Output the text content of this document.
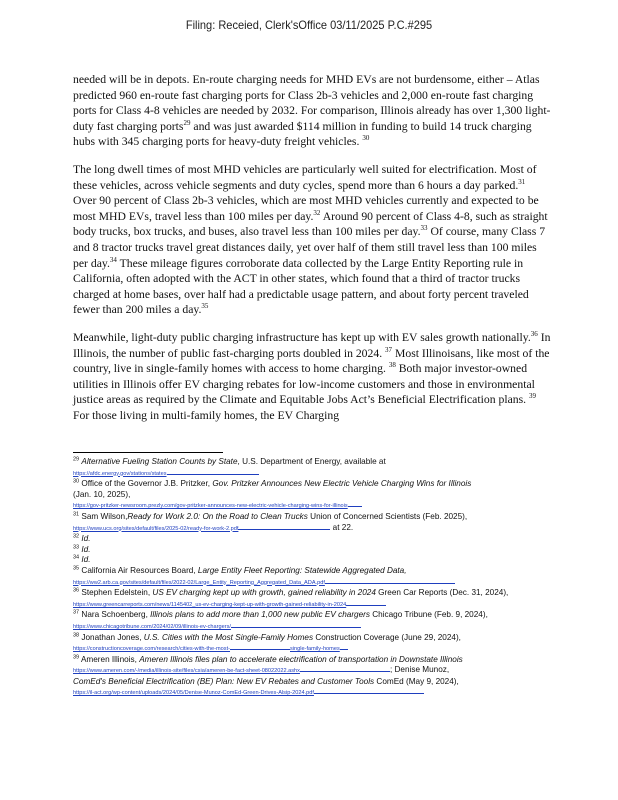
Filing: Receied, Clerk'sOffice 03/11/2025 P.C.#295

needed will be in depots. En-route charging needs for MHD EVs are not burdensome, either – Atlas predicted 960 en-route fast charging ports for Class 2b-3 vehicles and 2,000 en-route fast charging ports for Class 4-8 vehicles are needed by 2032. For comparison, Illinois already has over 1,300 light-duty fast charging ports$^{29}$ and was just awarded $114 million in funding to build 14 truck charging hubs with 345 charging ports for heavy-duty freight vehicles. $^{30}$

The long dwell times of most MHD vehicles are particularly well suited for electrification. Most of these vehicles, across vehicle segments and duty cycles, spend more than 6 hours a day parked.$^{31}$ Over 90 percent of Class 2b-3 vehicles, which are most MHD vehicles currently and expected to be most MHD EVs, travel less than 100 miles per day.$^{32}$ Around 90 percent of Class 4-8, such as straight body trucks, box trucks, and buses, also travel less than 100 miles per day.$^{33}$ Of course, many Class 7 and 8 tractor trucks travel great distances daily, yet over half of them still travel less than 100 miles per day.$^{34}$ These mileage figures corroborate data collected by the Large Entity Reporting rule in California, often adopted with the ACT in other states, which found that a third of tractor trucks charged at home bases, over half had a predictable usage pattern, and about forty percent traveled fewer than 200 miles a day.$^{35}$

Meanwhile, light-duty public charging infrastructure has kept up with EV sales growth nationally.$^{36}$ In Illinois, the number of public fast-charging ports doubled in 2024. $^{37}$ Most Illinoisans, like most of the country, live in single-family homes with access to home charging. $^{38}$ Both major investor-owned utilities in Illinois offer EV charging rebates for low-income customers and those in environmental justice areas as required by the Climate and Equitable Jobs Act’s Beneficial Electrification plans. $^{39}$ For those living in multi-family homes, the EV Charging

$^{29}$ Alternative Fueling Station Counts by State, U.S. Department of Energy, available at
https://afdc.energy.gov/stations/states

$^{30}$ Office of the Governor J.B. Pritzker, Gov. Pritzker Announces New Electric Vehicle Charging Wins for Illinois
(Jan. 10, 2025),
https://gov-pritzker-newsroom.prezly.com/gov-pritzker-announces-new-electric-vehicle-charging-wins-for-illinois

$^{31}$ Sam Wilson,Ready for Work 2.0: On the Road to Clean Trucks Union of Concerned Scientists (Feb. 2025),
https://www.ucs.org/sites/default/files/2025-02/ready-for-work-2.pdf	at 22.

$^{32}$ Id.

$^{33}$ Id.

$^{34}$ Id.

$^{35}$ California Air Resources Board, Large Entity Fleet Reporting: Statewide Aggregated Data,
https://ww2.arb.ca.gov/sites/default/files/2022-02/Large_Entity_Reporting_Aggregated_Data_ADA.pdf

$^{36}$ Stephen Edelstein, US EV charging kept up with growth, gained reliability in 2024 Green Car Reports (Dec. 31, 2024),
https://www.greencarreports.com/news/1145402_us-ev-charging-kept-up-with-growth-gained-reliability-in-2024

$^{37}$ Nara Schoenberg, Illinois plans to add more than 1,000 new public EV chargers Chicago Tribune (Feb. 9, 2024),
https://www.chicagotribune.com/2024/02/09/illinois-ev-chargers/

$^{38}$ Jonathan Jones, U.S. Cities with the Most Single-Family Homes Construction Coverage (June 29, 2024),
https://constructioncoverage.com/research/cities-with-the-most-	single-family-homes

$^{39}$ Ameren Illinois, Ameren Illinois files plan to accelerate electrification of transportation in Downstate Illinois
https://www.ameren.com/-/media/illinois-site/files/csia/ameren-be-fact-sheet-08022022.ashx	; Denise Munoz,
ComEd's Beneficial Electrification (BE) Plan: New EV Rebates and Customer Tools ComEd (May 9, 2024),
https://il-act.org/wp-content/uploads/2024/05/Denise-Munoz-ComEd-Green-Drives-Alsip-2024.pdf
